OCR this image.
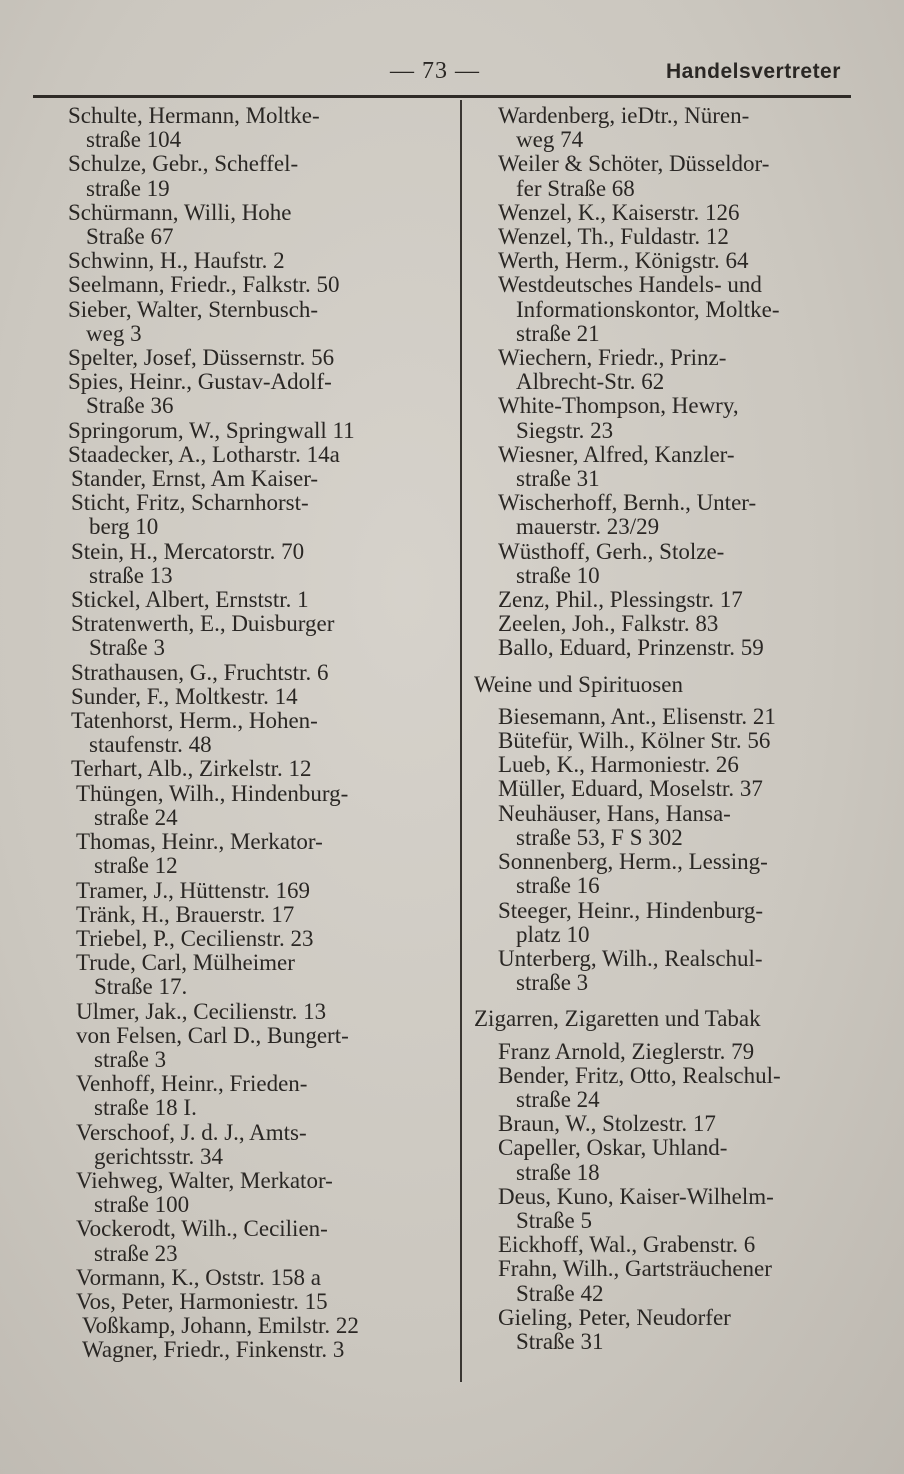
— 73 —	Handelsvertreter
Schulte, Hermann, Moltke-
straße 104
Schulze, Gebr., Scheffel-
straße 19
Schürmann, Willi, Hohe
Straße 67
Schwinn, H., Haufstr. 2
Seelmann, Friedr., Falkstr. 50
Sieber, Walter, Sternbusch-
weg 3
Spelter, Josef, Düssernstr. 56
Spies, Heinr., Gustav-Adolf-
Straße 36
Springorum, W., Springwall 11
Staadecker, A., Lotharstr. 14a
Stander, Ernst, Am Kaiser-
Sticht, Fritz, Scharnhorst-
berg 10
Stein, H., Mercatorstr. 70
straße 13
Stickel, Albert, Ernststr. 1
Stratenwerth, E., Duisburger
Straße 3
Strathausen, G., Fruchtstr. 6
Sunder, F., Moltkestr. 14
Tatenhorst, Herm., Hohen-
staufenstr. 48
Terhart, Alb., Zirkelstr. 12
Thüngen, Wilh., Hindenburg-
straße 24
Thomas, Heinr., Merkator-
straße 12
Tramer, J., Hüttenstr. 169
Tränk, H., Brauerstr. 17
Triebel, P., Cecilienstr. 23
Trude, Carl, Mülheimer
Straße 17.
Ulmer, Jak., Cecilienstr. 13
von Felsen, Carl D., Bungert-
straße 3
Venhoff, Heinr., Frieden-
straße 18 I.
Verschoof, J. d. J., Amts-
gerichtsstr. 34
Viehweg, Walter, Merkator-
straße 100
Vockerodt, Wilh., Cecilien-
straße 23
Vormann, K., Oststr. 158 a
Vos, Peter, Harmoniestr. 15
Voßkamp, Johann, Emilstr. 22
Wagner, Friedr., Finkenstr. 3
Wardenberg, ieDtr., Nüren-
weg 74
Weiler & Schöter, Düsseldor-
fer Straße 68
Wenzel, K., Kaiserstr. 126
Wenzel, Th., Fuldastr. 12
Werth, Herm., Königstr. 64
Westdeutsches Handels- und
Informationskontor, Moltke-
straße 21
Wiechern, Friedr., Prinz-
Albrecht-Str. 62
White-Thompson, Hewry,
Siegstr. 23
Wiesner, Alfred, Kanzler-
straße 31
Wischerhoff, Bernh., Unter-
mauerstr. 23/29
Wüsthoff, Gerh., Stolze-
straße 10
Zenz, Phil., Plessingstr. 17
Zeelen, Joh., Falkstr. 83
Ballo, Eduard, Prinzenstr. 59
Weine und Spirituosen
Biesemann, Ant., Elisenstr. 21
Bütefür, Wilh., Kölner Str. 56
Lueb, K., Harmoniestr. 26
Müller, Eduard, Moselstr. 37
Neuhäuser, Hans, Hansa-
straße 53, F S 302
Sonnenberg, Herm., Lessing-
straße 16
Steeger, Heinr., Hindenburg-
platz 10
Unterberg, Wilh., Realschul-
straße 3
Zigarren, Zigaretten und Tabak
Franz Arnold, Zieglerstr. 79
Bender, Fritz, Otto, Realschul-
straße 24
Braun, W., Stolzestr. 17
Capeller, Oskar, Uhland-
straße 18
Deus, Kuno, Kaiser-Wilhelm-
Straße 5
Eickhoff, Wal., Grabenstr. 6
Frahn, Wilh., Gartsträuchener
Straße 42
Gieling, Peter, Neudorfer
Straße 31
